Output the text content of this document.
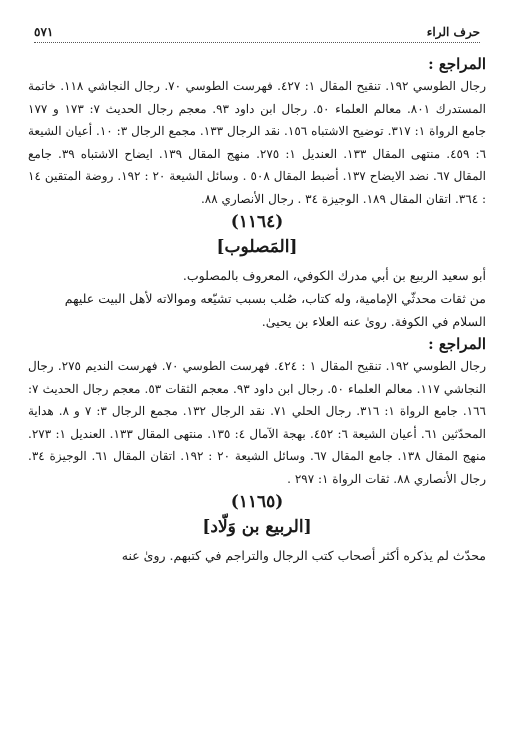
حرف الراء
٥٧١
المراجع :

رجال الطوسي ١٩٢. تنقيح المقال ١: ٤٢٧. فهرست الطوسي ٧٠. رجال النجاشي ١١٨. خاتمة المستدرك ٨٠١. معالم العلماء ٥٠. رجال ابن داود ٩٣. معجم رجال الحديث ٧: ١٧٣ و ١٧٧ جامع الرواة ١: ٣١٧. توضيح الاشتباه ١٥٦. نقد الرجال ١٣٣. مجمع الرجال ٣: ١٠. أعيان الشيعة ٦: ٤٥٩. منتهى المقال ١٣٣. العنديل ١: ٢٧٥. منهج المقال ١٣٩. ايضاح الاشتباه ٣٩. جامع المقال ٦٧. نضد الايضاح ١٣٧. أضبط المقال ٥٠٨ . وسائل الشيعة ٢٠ : ١٩٢. روضة المتقين ١٤ : ٣٦٤. اتقان المقال ١٨٩. الوجيزة ٣٤ . رجال الأنصاري ٨٨.

(١١٦٤)
[المَصلوب]

أبو سعيد الربيع بن أبي مدرك الكوفي، المعروف بالمصلوب.

من ثقات محدثّي الإمامية، وله كتاب، صُلب بسبب تشيّعه وموالاته لأهل البيت عليهم السلام في الكوفة. روىٰ عنه العلاء بن يحيىٰ.

المراجع :

رجال الطوسي ١٩٢. تنقيح المقال ١ : ٤٢٤. فهرست الطوسي ٧٠. فهرست النديم ٢٧٥. رجال النجاشي ١١٧. معالم العلماء ٥٠. رجال ابن داود ٩٣. معجم الثقات ٥٣. معجم رجال الحديث ٧: ١٦٦. جامع الرواة ١: ٣١٦. رجال الحلي ٧١. نقد الرجال ١٣٢. مجمع الرجال ٣: ٧ و ٨. هداية المحدّثين ٦١. أعيان الشيعة ٦: ٤٥٢. بهجة الآمال ٤: ١٣٥. منتهى المقال ١٣٣. العنديل ١: ٢٧٣. منهج المقال ١٣٨. جامع المقال ٦٧. وسائل الشيعة ٢٠ : ١٩٢. اتقان المقال ٦١. الوجيزة ٣٤. رجال الأنصاري ٨٨. ثقات الرواة ١: ٢٩٧ .

(١١٦٥)
[الربيع بن وَلّاد]

محدّث لم يذكره أكثر أصحاب كتب الرجال والتراجم في كتبهم. روىٰ عنه
